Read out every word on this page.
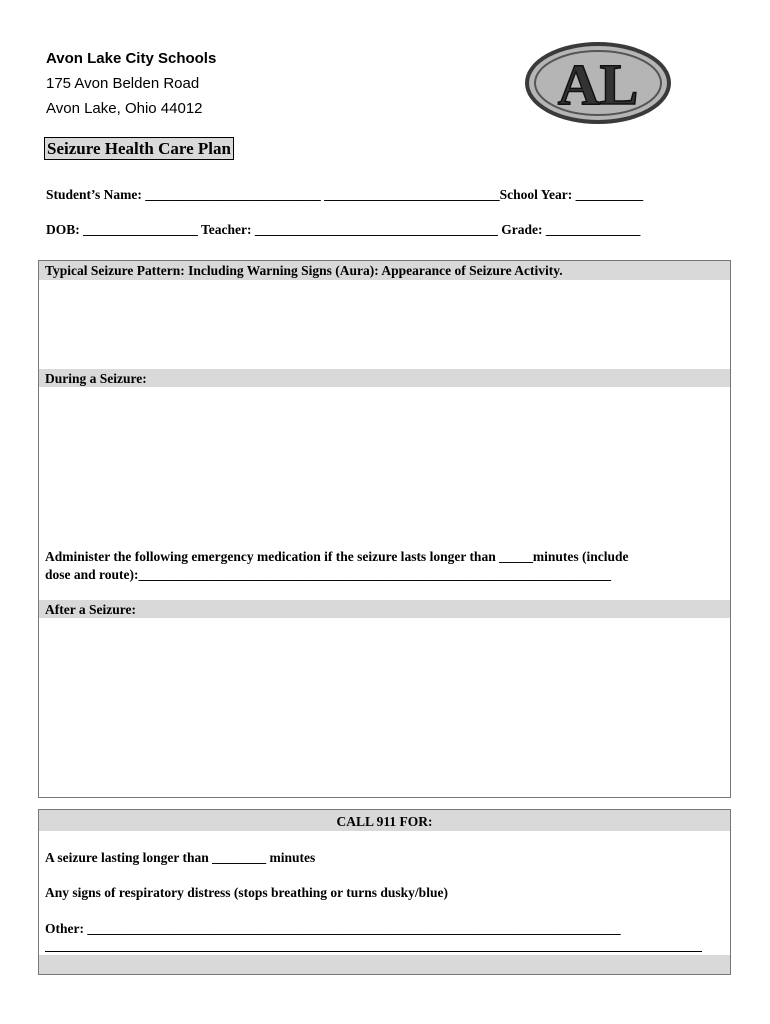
Avon Lake City Schools
175 Avon Belden Road
Avon Lake, Ohio 44012	AL
Seizure Health Care Plan
Student’s Name: __________________________ __________________________School Year: __________
DOB: _________________ Teacher: ____________________________________ Grade: ______________
Typical Seizure Pattern: Including Warning Signs (Aura): Appearance of Seizure Activity.
During a Seizure:
Administer the following emergency medication if the seizure lasts longer than _____minutes (include
dose and route):______________________________________________________________________
After a Seizure:
CALL 911 FOR:
A seizure lasting longer than ________ minutes
Any signs of respiratory distress (stops breathing or turns dusky/blue)
Other: _______________________________________________________________________________
